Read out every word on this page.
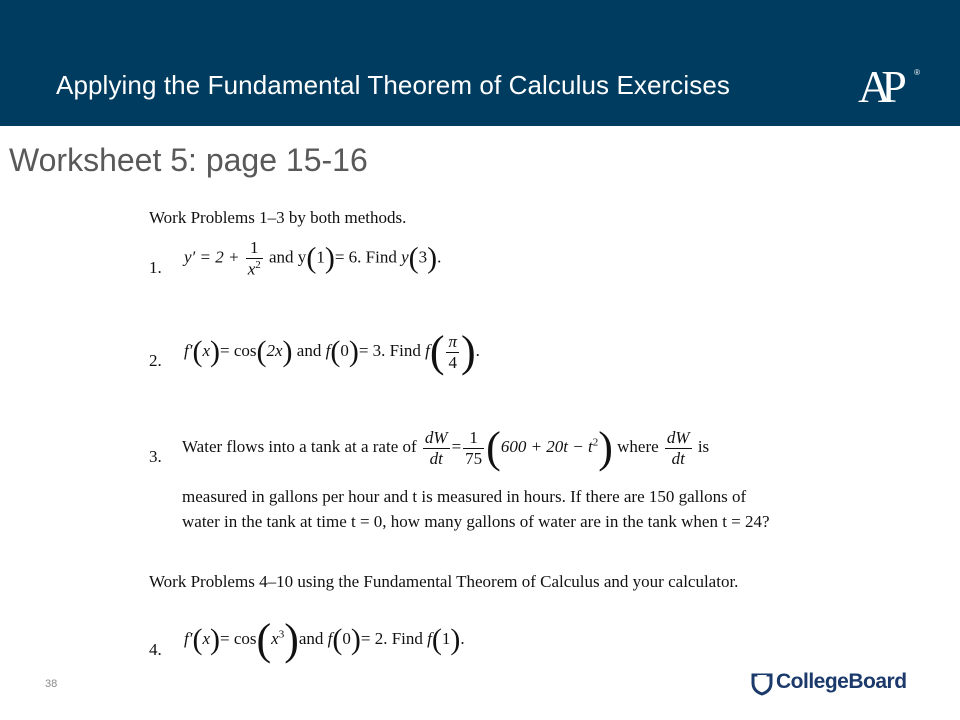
Applying the Fundamental Theorem of Calculus Exercises	AP ®
Worksheet 5: page 15-16
Work Problems 1–3 by both methods.
1.
$y' = 2 + \frac{1}{x^2}$ and y(1)= 6. Find y(3).
2.
f′(x)= cos(2x) and f(0)= 3. Find $f( \frac{\pi}{4}$ ).
3.
Water flows into a tank at a rate of $\frac{dW}{dt} = \frac{1}{75} (600 + 20t - t^2)$ where $\frac{dW}{dt}$ is
measured in gallons per hour and t is measured in hours. If there are 150 gallons of
water in the tank at time t = 0, how many gallons of water are in the tank when t = 24?
Work Problems 4–10 using the Fundamental Theorem of Calculus and your calculator.
4.
$f'(x)= \cos(x^3)and$ f(0)= 2. Find f(1).
38	CollegeBoard
